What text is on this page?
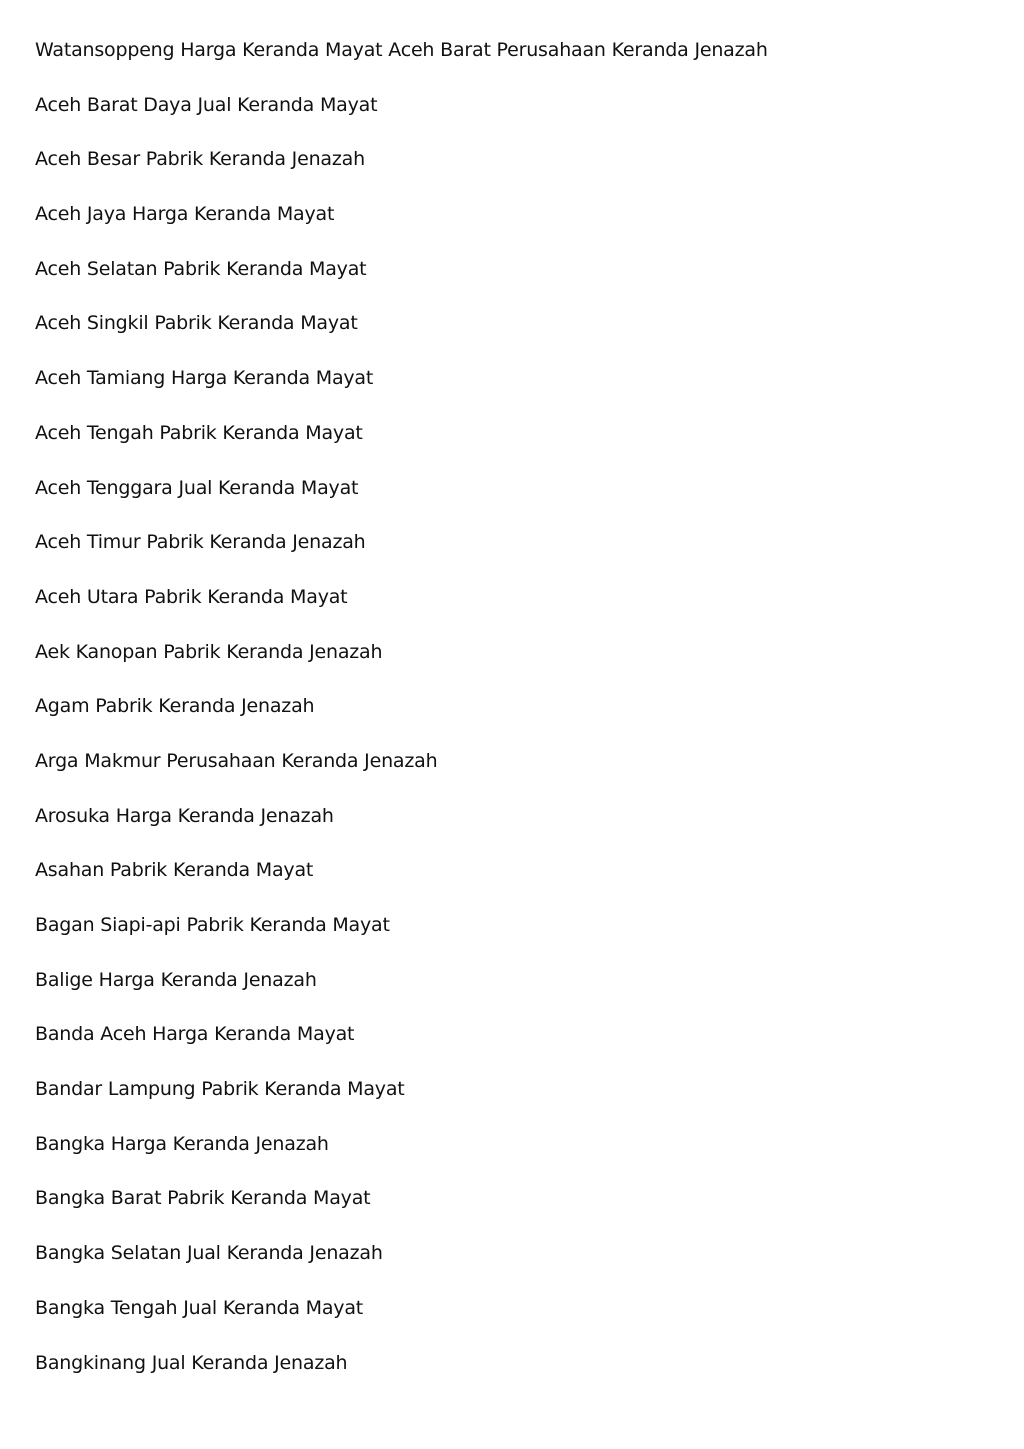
Watansoppeng Harga Keranda Mayat Aceh Barat Perusahaan Keranda Jenazah
Aceh Barat Daya Jual Keranda Mayat
Aceh Besar Pabrik Keranda Jenazah
Aceh Jaya Harga Keranda Mayat
Aceh Selatan Pabrik Keranda Mayat
Aceh Singkil Pabrik Keranda Mayat
Aceh Tamiang Harga Keranda Mayat
Aceh Tengah Pabrik Keranda Mayat
Aceh Tenggara Jual Keranda Mayat
Aceh Timur Pabrik Keranda Jenazah
Aceh Utara Pabrik Keranda Mayat
Aek Kanopan Pabrik Keranda Jenazah
Agam Pabrik Keranda Jenazah
Arga Makmur Perusahaan Keranda Jenazah
Arosuka Harga Keranda Jenazah
Asahan Pabrik Keranda Mayat
Bagan Siapi-api Pabrik Keranda Mayat
Balige Harga Keranda Jenazah
Banda Aceh Harga Keranda Mayat
Bandar Lampung Pabrik Keranda Mayat
Bangka Harga Keranda Jenazah
Bangka Barat Pabrik Keranda Mayat
Bangka Selatan Jual Keranda Jenazah
Bangka Tengah Jual Keranda Mayat
Bangkinang Jual Keranda Jenazah
